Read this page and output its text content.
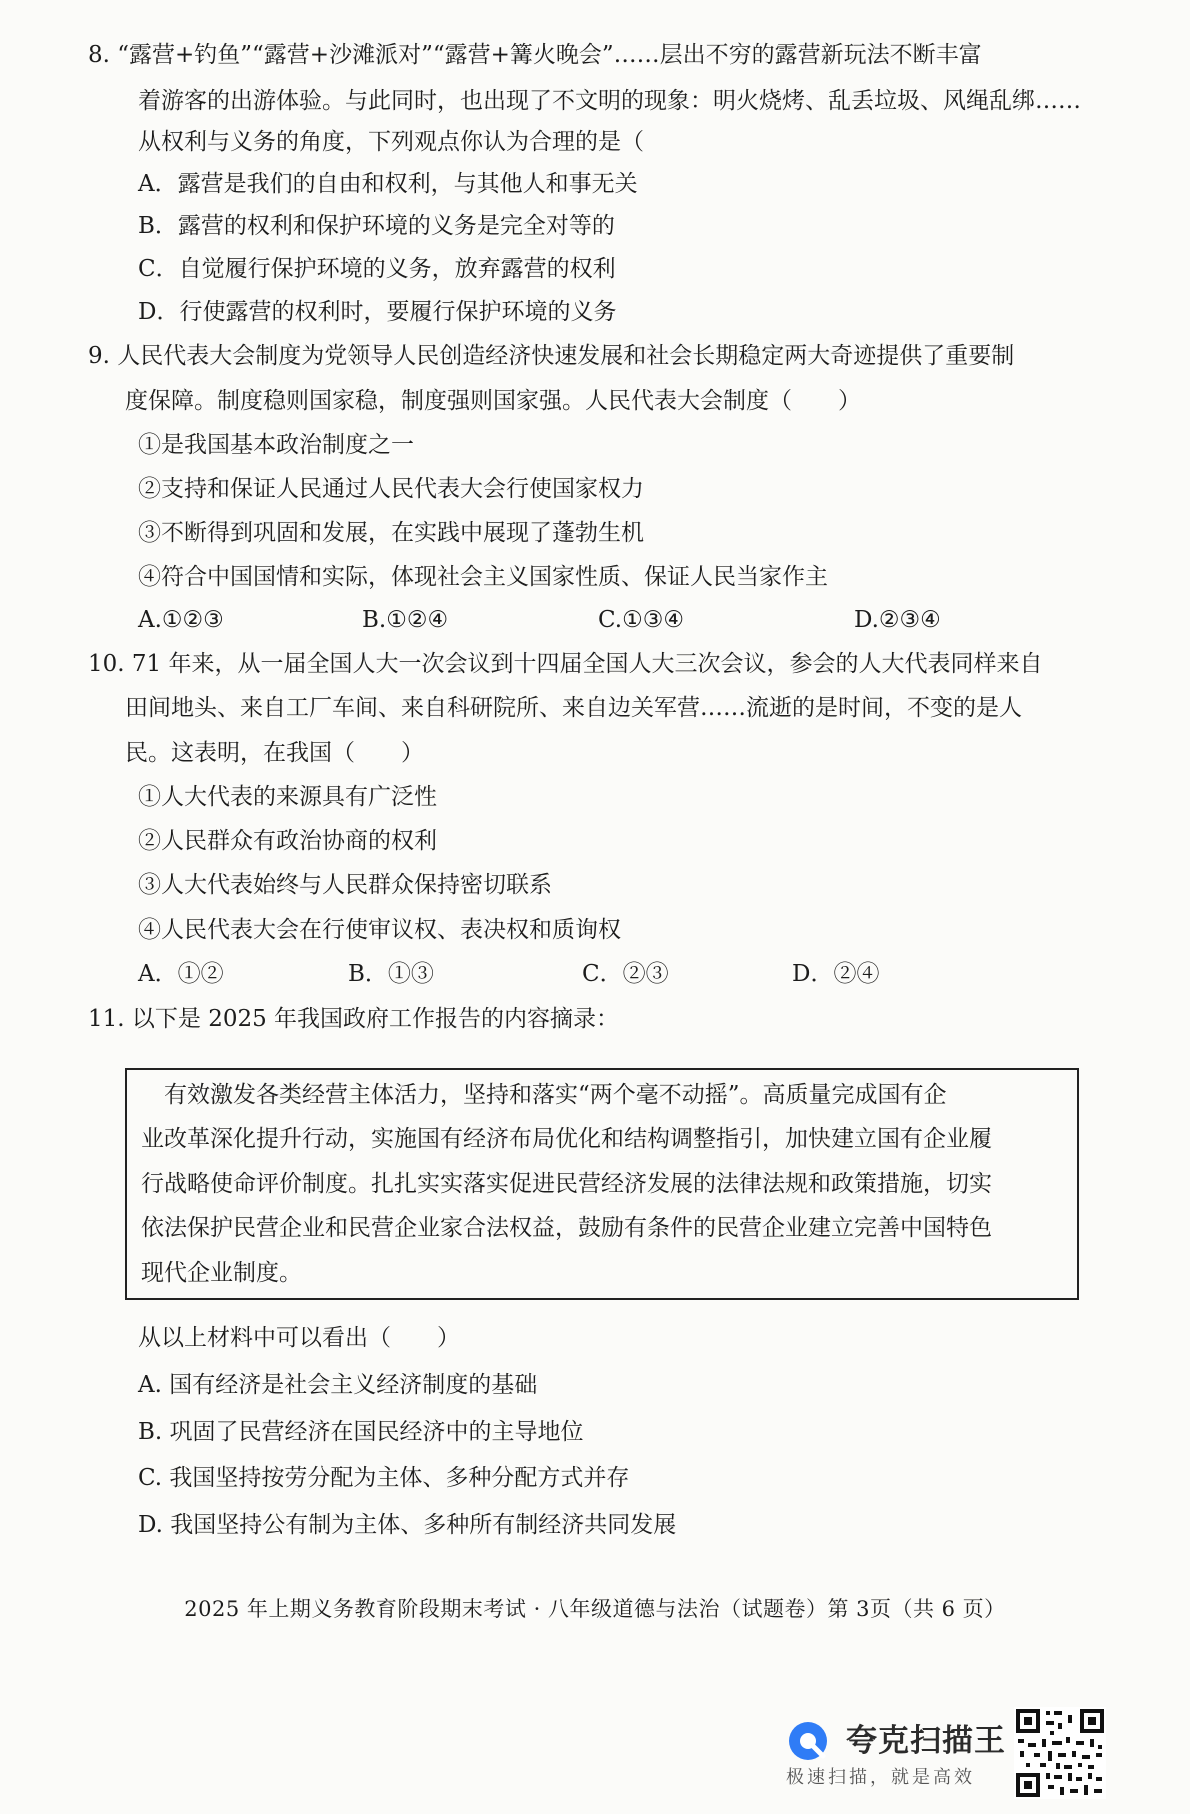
8. “露营+钓鱼”“露营+沙滩派对”“露营+篝火晚会”……层出不穷的露营新玩法不断丰富
着游客的出游体验。与此同时，也出现了不文明的现象：明火烧烤、乱丢垃圾、风绳乱绑……
从权利与义务的角度，下列观点你认为合理的是（
A．露营是我们的自由和权利，与其他人和事无关
B．露营的权利和保护环境的义务是完全对等的
C．自觉履行保护环境的义务，放弃露营的权利
D．行使露营的权利时，要履行保护环境的义务
9. 人民代表大会制度为党领导人民创造经济快速发展和社会长期稳定两大奇迹提供了重要制
度保障。制度稳则国家稳，制度强则国家强。人民代表大会制度（　　）
①是我国基本政治制度之一
②支持和保证人民通过人民代表大会行使国家权力
③不断得到巩固和发展，在实践中展现了蓬勃生机
④符合中国国情和实际，体现社会主义国家性质、保证人民当家作主
A.①②③	B.①②④	C.①③④	D.②③④
10. 71 年来，从一届全国人大一次会议到十四届全国人大三次会议，参会的人大代表同样来自
田间地头、来自工厂车间、来自科研院所、来自边关军营……流逝的是时间，不变的是人
民。这表明，在我国（　　）
①人大代表的来源具有广泛性
②人民群众有政治协商的权利
③人大代表始终与人民群众保持密切联系
④人民代表大会在行使审议权、表决权和质询权
A．①②	B．①③	C．②③	D．②④
11. 以下是 2025 年我国政府工作报告的内容摘录：
　有效激发各类经营主体活力，坚持和落实“两个毫不动摇”。高质量完成国有企
业改革深化提升行动，实施国有经济布局优化和结构调整指引，加快建立国有企业履
行战略使命评价制度。扎扎实实落实促进民营经济发展的法律法规和政策措施，切实
依法保护民营企业和民营企业家合法权益，鼓励有条件的民营企业建立完善中国特色
现代企业制度。
从以上材料中可以看出（　　）
A. 国有经济是社会主义经济制度的基础
B. 巩固了民营经济在国民经济中的主导地位
C. 我国坚持按劳分配为主体、多种分配方式并存
D. 我国坚持公有制为主体、多种所有制经济共同发展
2025 年上期义务教育阶段期末考试 · 八年级道德与法治（试题卷）第 3页（共 6 页）
夸克扫描王
极速扫描，就是高效
